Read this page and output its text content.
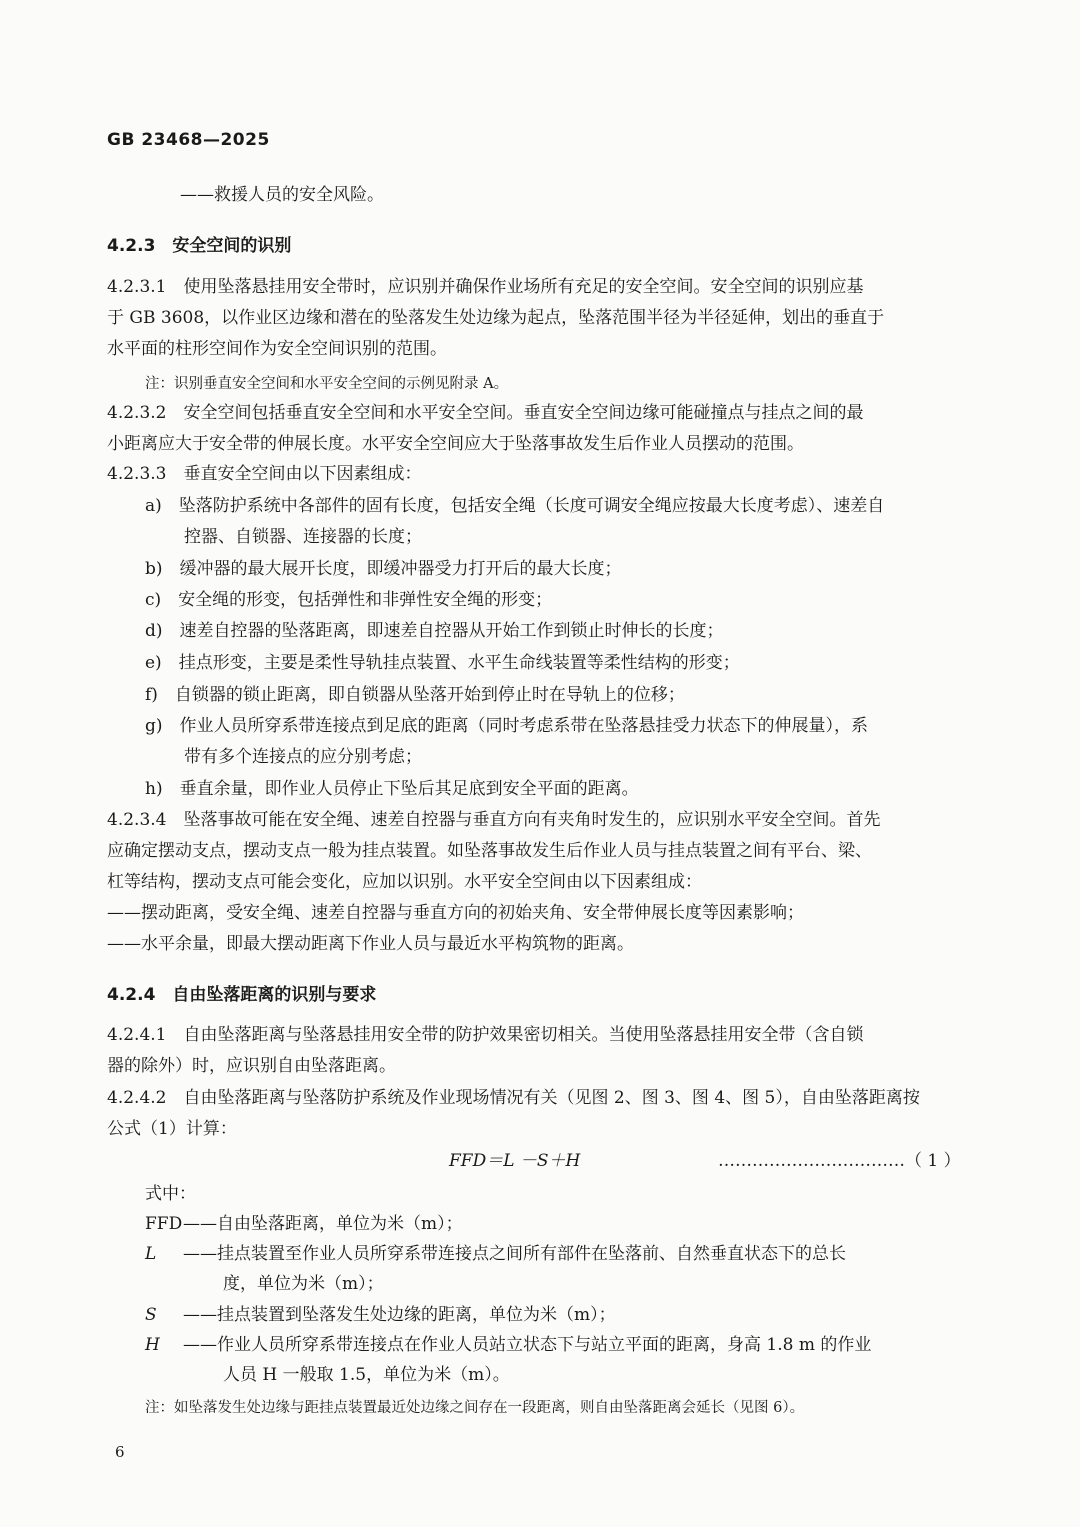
GB 23468—2025
——救援人员的安全风险。
4.2.3　安全空间的识别
4.2.3.1　使用坠落悬挂用安全带时，应识别并确保作业场所有充足的安全空间。安全空间的识别应基
于 GB 3608，以作业区边缘和潜在的坠落发生处边缘为起点，坠落范围半径为半径延伸，划出的垂直于
水平面的柱形空间作为安全空间识别的范围。
注：识别垂直安全空间和水平安全空间的示例见附录 A。
4.2.3.2　安全空间包括垂直安全空间和水平安全空间。垂直安全空间边缘可能碰撞点与挂点之间的最
小距离应大于安全带的伸展长度。水平安全空间应大于坠落事故发生后作业人员摆动的范围。
4.2.3.3　垂直安全空间由以下因素组成：
a)　坠落防护系统中各部件的固有长度，包括安全绳（长度可调安全绳应按最大长度考虑）、速差自
控器、自锁器、连接器的长度；
b)　缓冲器的最大展开长度，即缓冲器受力打开后的最大长度；
c)　安全绳的形变，包括弹性和非弹性安全绳的形变；
d)　速差自控器的坠落距离，即速差自控器从开始工作到锁止时伸长的长度；
e)　挂点形变，主要是柔性导轨挂点装置、水平生命线装置等柔性结构的形变；
f)　自锁器的锁止距离，即自锁器从坠落开始到停止时在导轨上的位移；
g)　作业人员所穿系带连接点到足底的距离（同时考虑系带在坠落悬挂受力状态下的伸展量），系
带有多个连接点的应分别考虑；
h)　垂直余量，即作业人员停止下坠后其足底到安全平面的距离。
4.2.3.4　坠落事故可能在安全绳、速差自控器与垂直方向有夹角时发生的，应识别水平安全空间。首先
应确定摆动支点，摆动支点一般为挂点装置。如坠落事故发生后作业人员与挂点装置之间有平台、梁、
杠等结构，摆动支点可能会变化，应加以识别。水平安全空间由以下因素组成：
——摆动距离，受安全绳、速差自控器与垂直方向的初始夹角、安全带伸展长度等因素影响；
——水平余量，即最大摆动距离下作业人员与最近水平构筑物的距离。
4.2.4　自由坠落距离的识别与要求
4.2.4.1　自由坠落距离与坠落悬挂用安全带的防护效果密切相关。当使用坠落悬挂用安全带（含自锁
器的除外）时，应识别自由坠落距离。
4.2.4.2　自由坠落距离与坠落防护系统及作业现场情况有关（见图 2、图 3、图 4、图 5），自由坠落距离按
公式（1）计算：
FFD＝L －S＋H	……………………………（ 1 ）
式中：
FFD ——自由坠落距离，单位为米（m）；
L ——挂点装置至作业人员所穿系带连接点之间所有部件在坠落前、自然垂直状态下的总长
度，单位为米（m）；
S ——挂点装置到坠落发生处边缘的距离，单位为米（m）；
H ——作业人员所穿系带连接点在作业人员站立状态下与站立平面的距离，身高 1.8 m 的作业
人员 H 一般取 1.5，单位为米（m）。
注：如坠落发生处边缘与距挂点装置最近处边缘之间存在一段距离，则自由坠落距离会延长（见图 6）。
6
